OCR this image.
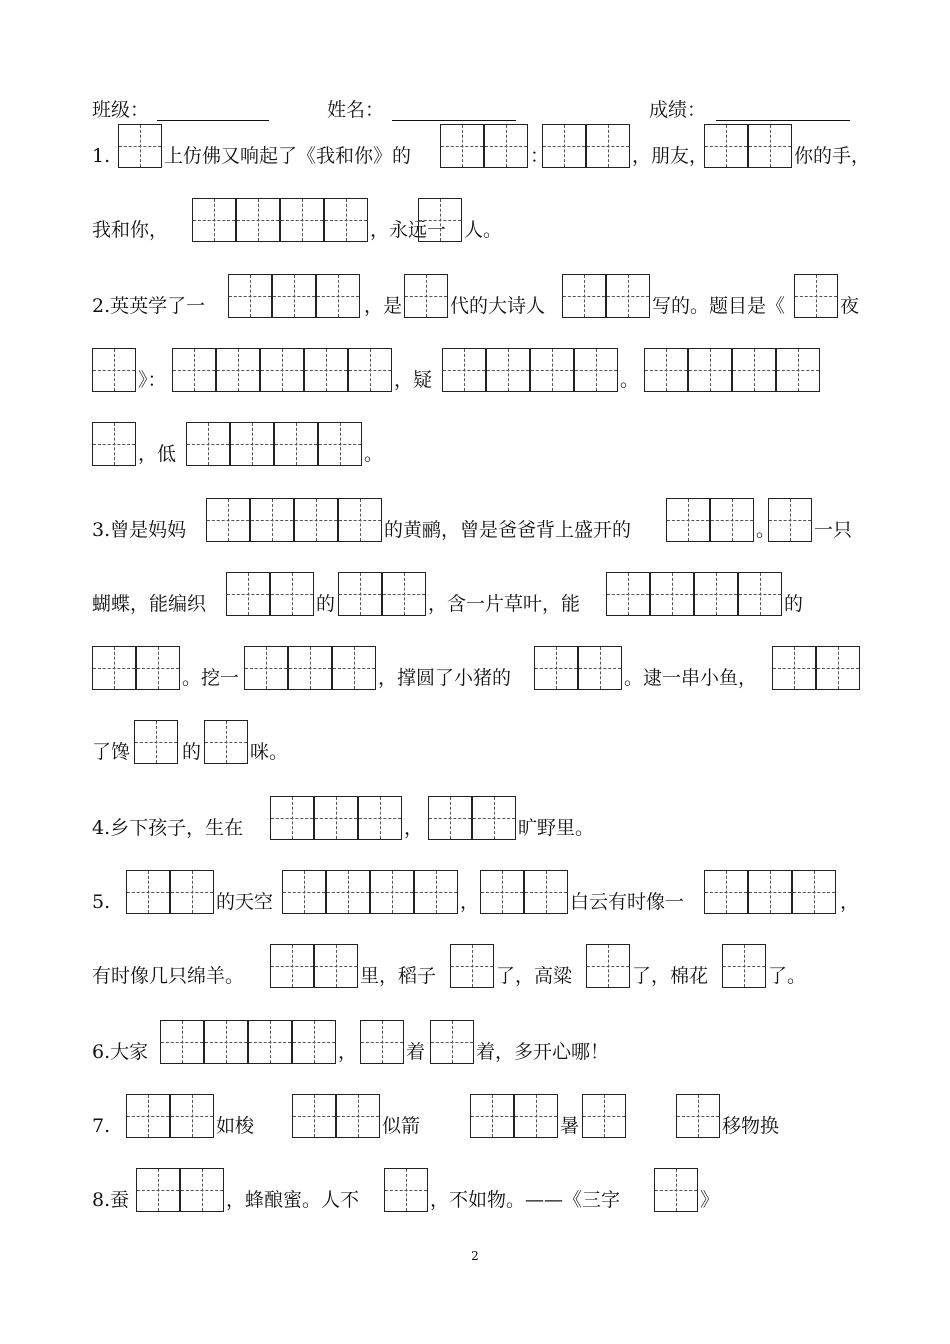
班级：	姓名：	成绩：
1.	上仿佛又响起了《我和你》的	：	，朋友，	你的手，
我和你，	，永远一 人。
2.英英学了一	，是	代的大诗人	写的。题目是《	夜
》：	，疑	。
，低	。
3.曾是妈妈	的黄鹂，曾是爸爸背上盛开的	。 一只
蝴蝶，能编织	的	，含一片草叶，能	的
。挖一	，撑圆了小猪的	。逮一串小鱼，
了馋	的	咪。
4.乡下孩子，生在	，	旷野里。
5.	的天空	，	白云有时像一	，
有时像几只绵羊。	里，稻子	了，高粱	了，棉花	了。
6.大家	，	着	着，多开心哪！
7.	如梭	似箭	暑	移物换
8.蚕	，蜂酿蜜。人不	，不如物。——《三字	》
2
